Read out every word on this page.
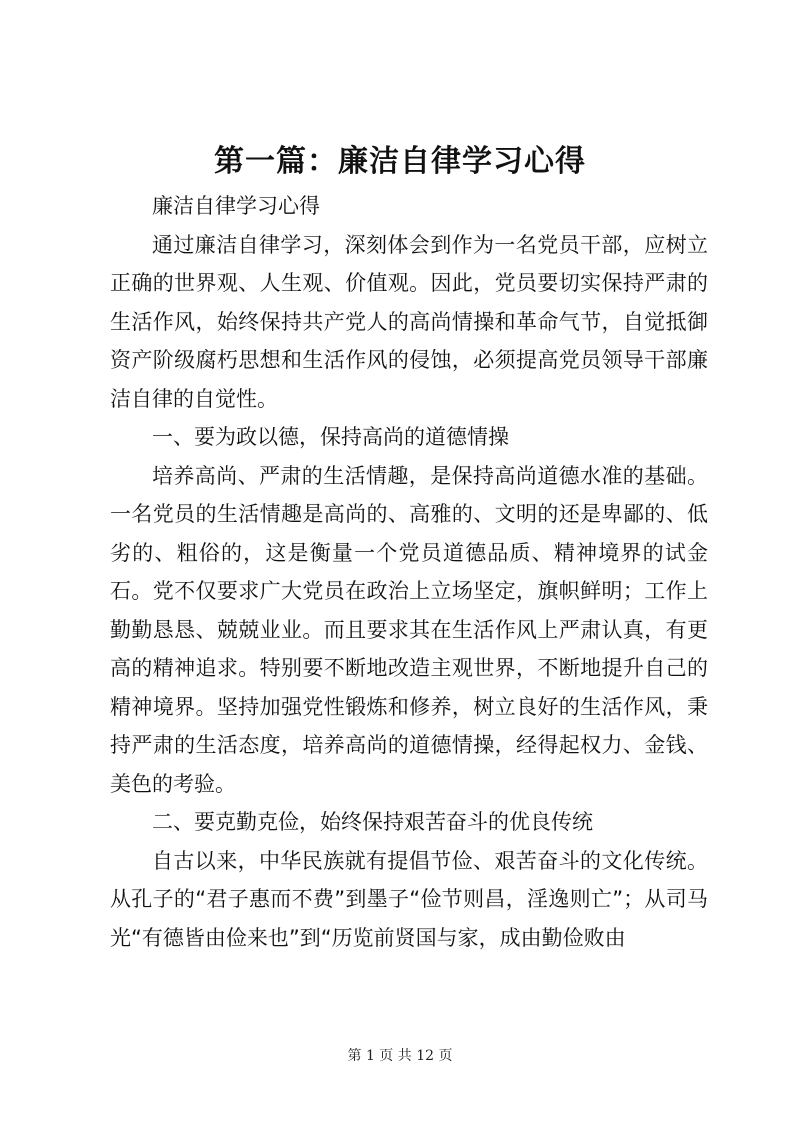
第一篇：廉洁自律学习心得

廉洁自律学习心得

通过廉洁自律学习，深刻体会到作为一名党员干部，应树立正确的世界观、人生观、价值观。因此，党员要切实保持严肃的生活作风，始终保持共产党人的高尚情操和革命气节，自觉抵御资产阶级腐朽思想和生活作风的侵蚀，必须提高党员领导干部廉洁自律的自觉性。

一、要为政以德，保持高尚的道德情操

培养高尚、严肃的生活情趣，是保持高尚道德水准的基础。一名党员的生活情趣是高尚的、高雅的、文明的还是卑鄙的、低劣的、粗俗的，这是衡量一个党员道德品质、精神境界的试金石。党不仅要求广大党员在政治上立场坚定，旗帜鲜明；工作上勤勤恳恳、兢兢业业。而且要求其在生活作风上严肃认真，有更高的精神追求。特别要不断地改造主观世界，不断地提升自己的精神境界。坚持加强党性锻炼和修养，树立良好的生活作风，秉持严肃的生活态度，培养高尚的道德情操，经得起权力、金钱、美色的考验。

二、要克勤克俭，始终保持艰苦奋斗的优良传统

自古以来，中华民族就有提倡节俭、艰苦奋斗的文化传统。从孔子的“君子惠而不费”到墨子“俭节则昌，淫逸则亡”；从司马光“有德皆由俭来也”到“历览前贤国与家，成由勤俭败由

第 1 页 共 12 页
